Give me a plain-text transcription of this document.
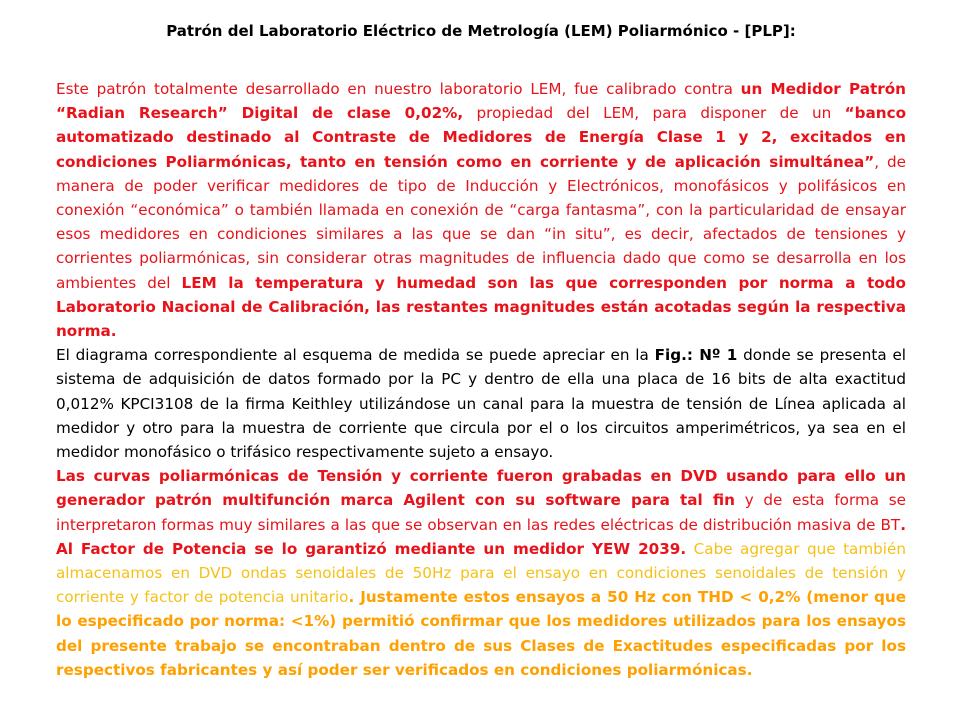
Patrón del Laboratorio Eléctrico de Metrología (LEM) Poliarmónico - [PLP]:

Este patrón totalmente desarrollado en nuestro laboratorio LEM, fue calibrado contra un Medidor Patrón “Radian Research” Digital de clase 0,02%, propiedad del LEM, para disponer de un “banco automatizado destinado al Contraste de Medidores de Energía Clase 1 y 2, excitados en condiciones Poliarmónicas, tanto en tensión como en corriente y de aplicación simultánea”, de manera de poder verificar medidores de tipo de Inducción y Electrónicos, monofásicos y polifásicos en conexión “económica” o también llamada en conexión de “carga fantasma”, con la particularidad de ensayar esos medidores en condiciones similares a las que se dan “in situ”, es decir, afectados de tensiones y corrientes poliarmónicas, sin considerar otras magnitudes de influencia dado que como se desarrolla en los ambientes del LEM la temperatura y humedad son las que corresponden por norma a todo Laboratorio Nacional de Calibración, las restantes magnitudes están acotadas según la respectiva norma.

El diagrama correspondiente al esquema de medida se puede apreciar en la Fig.: Nº 1 donde se presenta el sistema de adquisición de datos formado por la PC y dentro de ella una placa de 16 bits de alta exactitud 0,012% KPCI3108 de la firma Keithley utilizándose un canal para la muestra de tensión de Línea aplicada al medidor y otro para la muestra de corriente que circula por el o los circuitos amperimétricos, ya sea en el medidor monofásico o trifásico respectivamente sujeto a ensayo.

Las curvas poliarmónicas de Tensión y corriente fueron grabadas en DVD usando para ello un generador patrón multifunción marca Agilent con su software para tal fin y de esta forma se interpretaron formas muy similares a las que se observan en las redes eléctricas de distribución masiva de BT. Al Factor de Potencia se lo garantizó mediante un medidor YEW 2039. Cabe agregar que también almacenamos en DVD ondas senoidales de 50Hz para el ensayo en condiciones senoidales de tensión y corriente y factor de potencia unitario. Justamente estos ensayos a 50 Hz con THD < 0,2% (menor que lo especificado por norma: <1%) permitió confirmar que los medidores utilizados para los ensayos del presente trabajo se encontraban dentro de sus Clases de Exactitudes especificadas por los respectivos fabricantes y así poder ser verificados en condiciones poliarmónicas.
